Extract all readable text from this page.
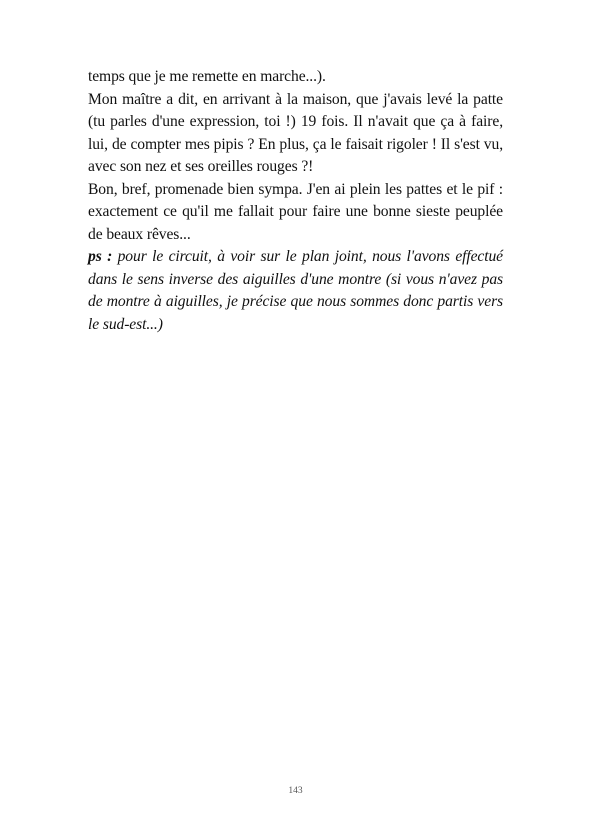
temps que je me remette en marche...).

Mon maître a dit, en arrivant à la maison, que j'avais levé la patte (tu parles d'une expression, toi !) 19 fois. Il n'avait que ça à faire, lui, de compter mes pipis ? En plus, ça le faisait rigoler ! Il s'est vu, avec son nez et ses oreilles rouges ?!

Bon, bref, promenade bien sympa. J'en ai plein les pattes et le pif : exactement ce qu'il me fallait pour faire une bonne sieste peuplée de beaux rêves...

ps : pour le circuit, à voir sur le plan joint, nous l'avons effectué dans le sens inverse des aiguilles d'une montre (si vous n'avez pas de montre à aiguilles, je précise que nous sommes donc partis vers le sud-est...)

143
